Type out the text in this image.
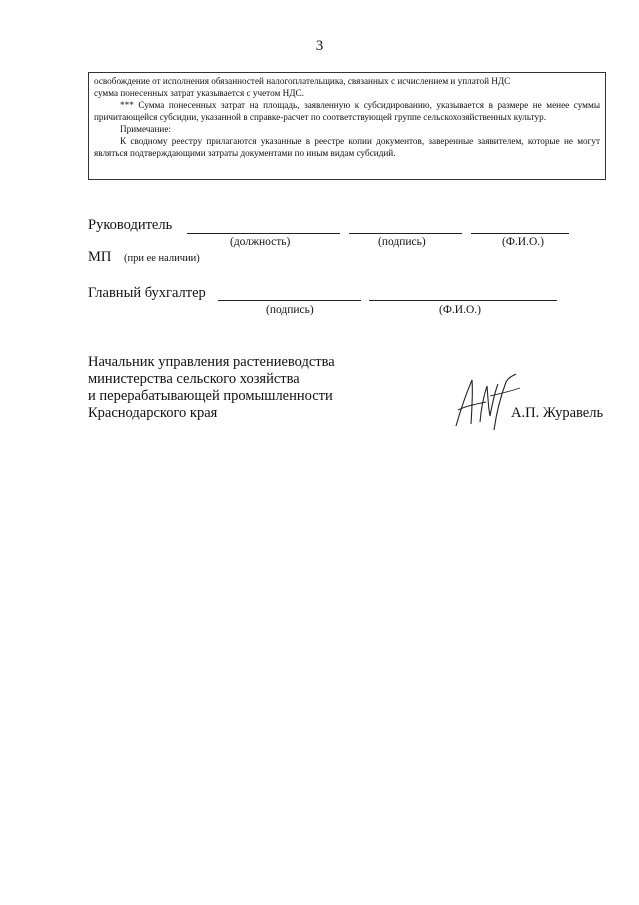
3

освобождение от исполнения обязанностей налогоплательщика, связанных с исчислением и уплатой НДС

сумма понесенных затрат указывается с учетом НДС.

*** Сумма понесенных затрат на площадь, заявленную к субсидированию, указывается в размере не менее суммы причитающейся субсидии, указанной в справке-расчет по соответствующей группе сельскохозяйственных культур.

Примечание:

К сводному реестру прилагаются указанные в реестре копии документов, заверенные заявителем, которые не могут являться подтверждающими затраты документами по иным видам субсидий.

Руководитель
(должность)	(подпись)	(Ф.И.О.)
МП (при ее наличии)
Главный бухгалтер
(подпись)	(Ф.И.О.)
Начальник управления растениеводства
министерства сельского хозяйства
и перерабатывающей промышленности
Краснодарского края	А.П. Журавель
